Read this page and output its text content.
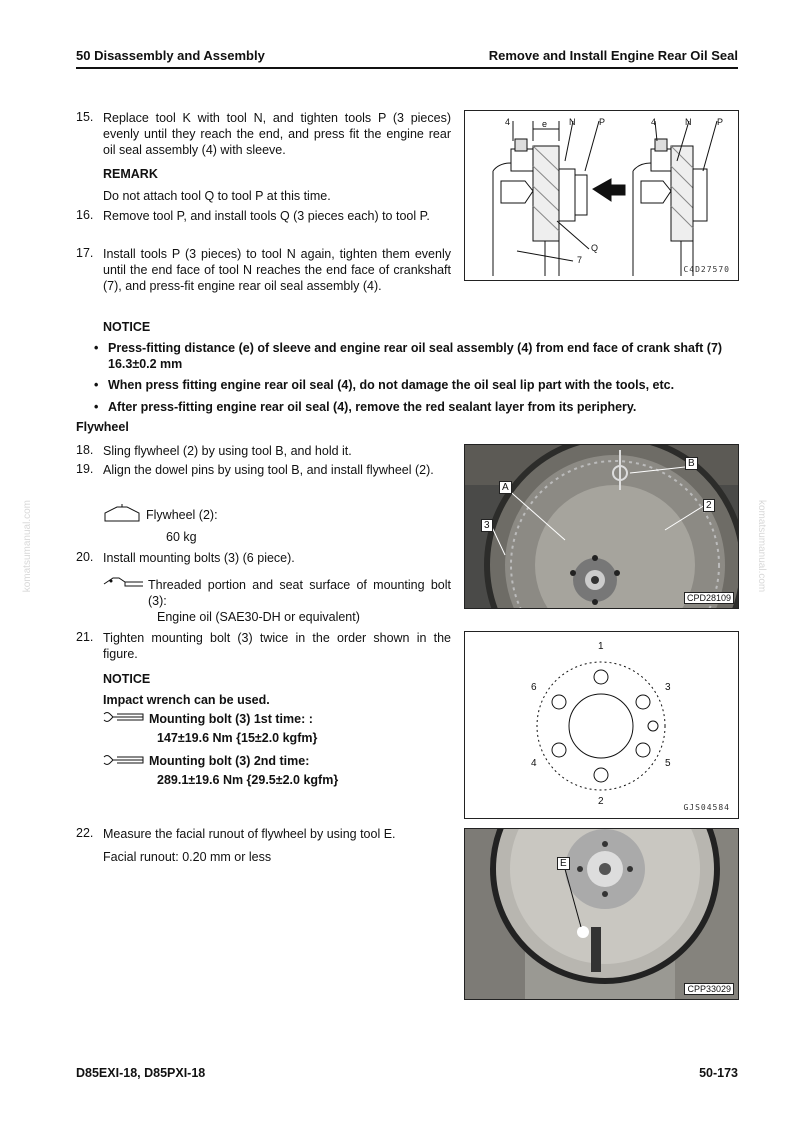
50 Disassembly and Assembly	Remove and Install Engine Rear Oil Seal
komatsumanual.com	komatsumanual.com
15. Replace tool K with tool N, and tighten tools P (3 pieces) evenly until they reach the end, and press fit the engine rear oil seal assembly (4) with sleeve.
REMARK
Do not attach tool Q to tool P at this time.
16. Remove tool P, and install tools Q (3 pieces each) to tool P.
17. Install tools P (3 pieces) to tool N again, tighten them evenly until the end face of tool N reaches the end face of crankshaft (7), and press-fit engine rear oil seal assembly (4).
NOTICE
• Press-fitting distance (e) of sleeve and engine rear oil seal assembly (4) from end face of crank shaft (7) 16.3±0.2 mm
• When press fitting engine rear oil seal (4), do not damage the oil seal lip part with the tools, etc.
• After press-fitting engine rear oil seal (4), remove the red sealant layer from its periphery.
Flywheel
18. Sling flywheel (2) by using tool B, and hold it.
19. Align the dowel pins by using tool B, and install flywheel (2).
Flywheel (2):
60 kg
20. Install mounting bolts (3) (6 piece).
Threaded portion and seat surface of mounting bolt (3):
Engine oil (SAE30-DH or equivalent)
21. Tighten mounting bolt (3) twice in the order shown in the figure.
NOTICE
Impact wrench can be used.
Mounting bolt (3) 1st time: :
147±19.6 Nm {15±2.0 kgfm}
Mounting bolt (3) 2nd time:
289.1±19.6 Nm {29.5±2.0 kgfm}
22. Measure the facial runout of flywheel by using tool E.
Facial runout: 0.20 mm or less
4	e N	P	4	N	P
Q
7
C4D27570
A
B
2
3
CPD28109
1
2
3
4	5
6
GJS04584
E
CPP33029
D85EXI-18, D85PXI-18	50-173
